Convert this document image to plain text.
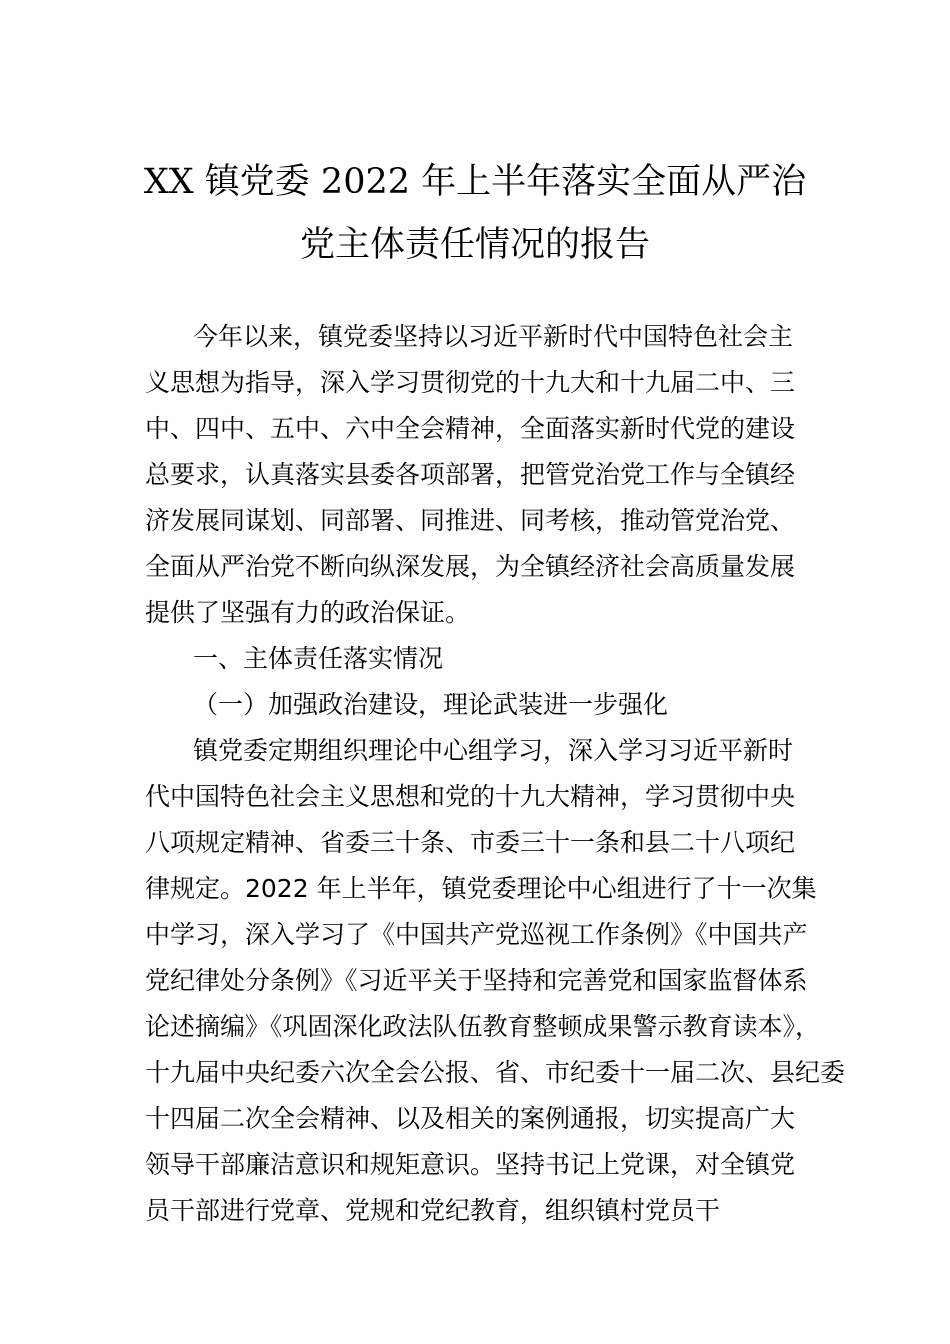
XX 镇党委 2022 年上半年落实全面从严治
党主体责任情况的报告
今年以来，镇党委坚持以习近平新时代中国特色社会主
义思想为指导，深入学习贯彻党的十九大和十九届二中、三
中、四中、五中、六中全会精神，全面落实新时代党的建设
总要求，认真落实县委各项部署，把管党治党工作与全镇经
济发展同谋划、同部署、同推进、同考核，推动管党治党、
全面从严治党不断向纵深发展，为全镇经济社会高质量发展
提供了坚强有力的政治保证。
一、主体责任落实情况
（一）加强政治建设，理论武装进一步强化
镇党委定期组织理论中心组学习，深入学习习近平新时
代中国特色社会主义思想和党的十九大精神，学习贯彻中央
八项规定精神、省委三十条、市委三十一条和县二十八项纪
律规定。2022 年上半年，镇党委理论中心组进行了十一次集
中学习，深入学习了《中国共产党巡视工作条例》《中国共产
党纪律处分条例》《习近平关于坚持和完善党和国家监督体系
论述摘编》《巩固深化政法队伍教育整顿成果警示教育读本》，
十九届中央纪委六次全会公报、省、市纪委十一届二次、县纪委
十四届二次全会精神、以及相关的案例通报，切实提高广大
领导干部廉洁意识和规矩意识。坚持书记上党课，对全镇党
员干部进行党章、党规和党纪教育，组织镇村党员干
